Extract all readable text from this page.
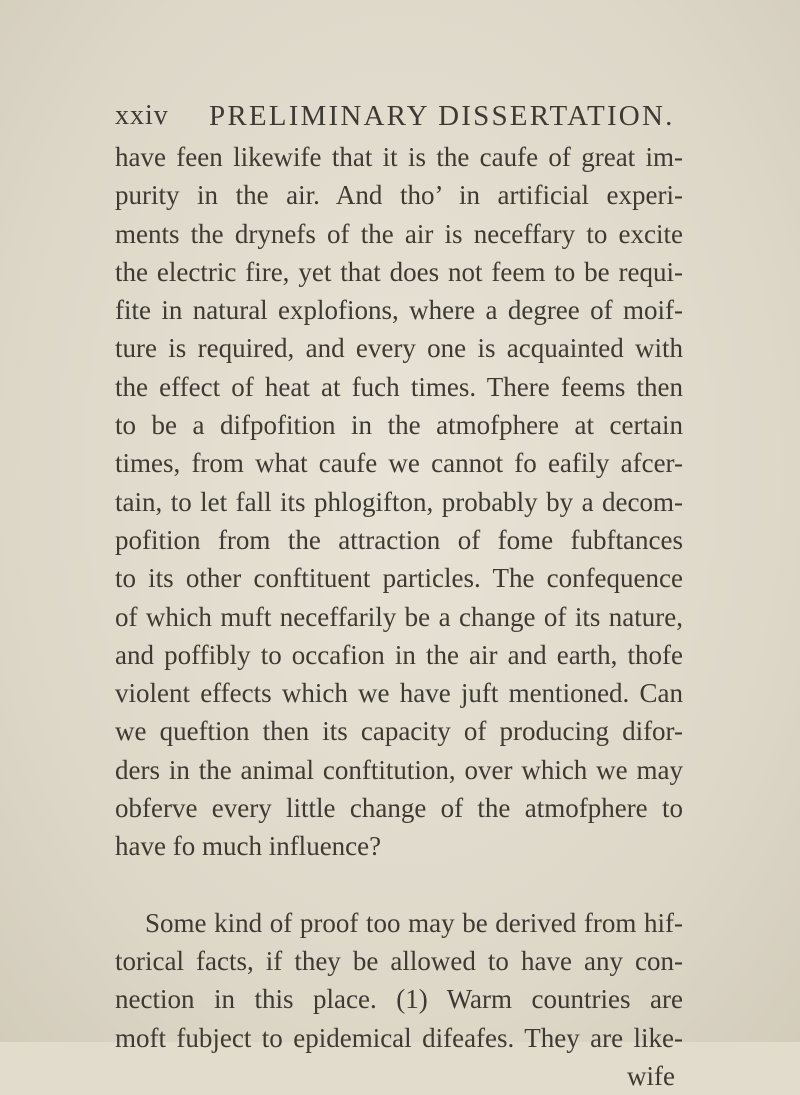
xxiv PRELIMINARY DISSERTATION.
have feen likewife that it is the caufe of great im-
purity in the air. And tho’ in artificial experi-
ments the drynefs of the air is neceffary to excite
the electric fire, yet that does not feem to be requi-
fite in natural explofions, where a degree of moif-
ture is required, and every one is acquainted with
the effect of heat at fuch times. There feems then
to be a difpofition in the atmofphere at certain
times, from what caufe we cannot fo eafily afcer-
tain, to let fall its phlogifton, probably by a decom-
pofition from the attraction of fome fubftances
to its other conftituent particles. The confequence
of which muft neceffarily be a change of its nature,
and poffibly to occafion in the air and earth, thofe
violent effects which we have juft mentioned. Can
we queftion then its capacity of producing difor-
ders in the animal conftitution, over which we may
obferve every little change of the atmofphere to
have fo much influence?
Some kind of proof too may be derived from hif-
torical facts, if they be allowed to have any con-
nection in this place. (1) Warm countries are
moft fubject to epidemical difeafes. They are like-
wife
